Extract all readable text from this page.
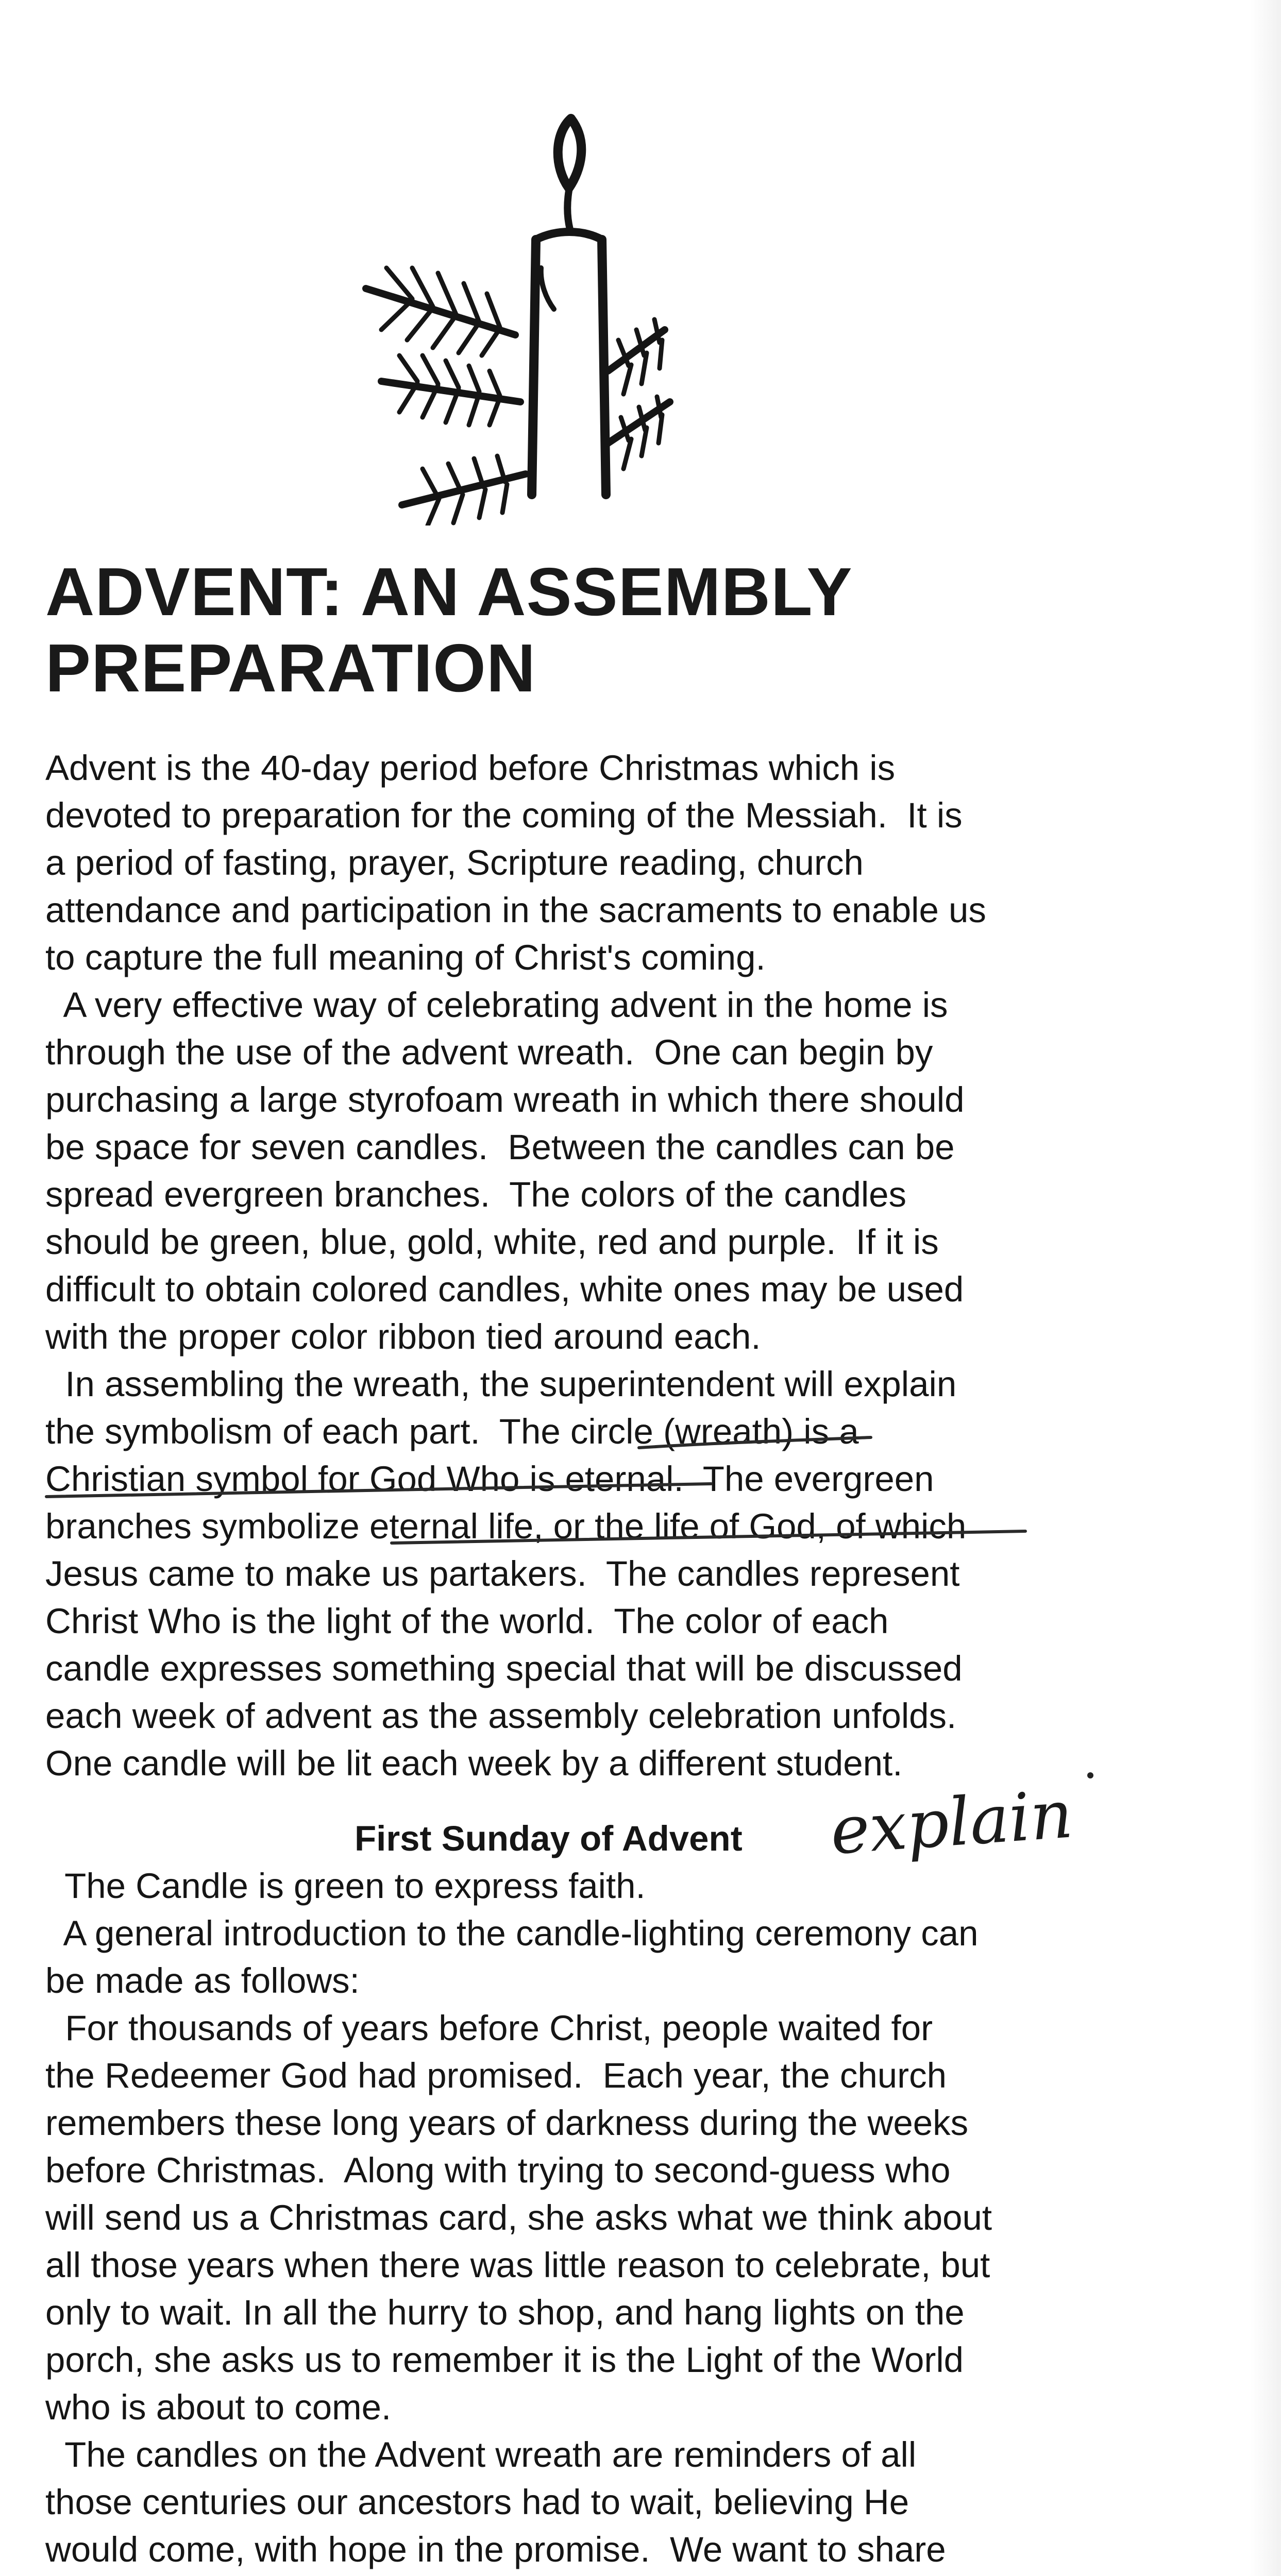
ADVENT: AN ASSEMBLY
PREPARATION
Advent is the 40-day period before Christmas which is
devoted to preparation for the coming of the Messiah.  It is
a period of fasting, prayer, Scripture reading, church
attendance and participation in the sacraments to enable us
to capture the full meaning of Christ's coming.
A very effective way of celebrating advent in the home is
through the use of the advent wreath.  One can begin by
purchasing a large styrofoam wreath in which there should
be space for seven candles.  Between the candles can be
spread evergreen branches.  The colors of the candles
should be green, blue, gold, white, red and purple.  If it is
difficult to obtain colored candles, white ones may be used
with the proper color ribbon tied around each.
In assembling the wreath, the superintendent will explain
the symbolism of each part.  The circle (wreath) is a
Christian symbol for God Who is eternal.  The evergreen
branches symbolize eternal life, or the life of God, of which
Jesus came to make us partakers.  The candles represent
Christ Who is the light of the world.  The color of each
candle expresses something special that will be discussed
each week of advent as the assembly celebration unfolds.
One candle will be lit each week by a different student.
First Sunday of Advent
The Candle is green to express faith.
A general introduction to the candle-lighting ceremony can
be made as follows:
For thousands of years before Christ, people waited for
the Redeemer God had promised.  Each year, the church
remembers these long years of darkness during the weeks
before Christmas.  Along with trying to second-guess who
will send us a Christmas card, she asks what we think about
all those years when there was little reason to celebrate, but
only to wait. In all the hurry to shop, and hang lights on the
porch, she asks us to remember it is the Light of the World
who is about to come.
The candles on the Advent wreath are reminders of all
those centuries our ancestors had to wait, believing He
would come, with hope in the promise.  We want to share
explain
